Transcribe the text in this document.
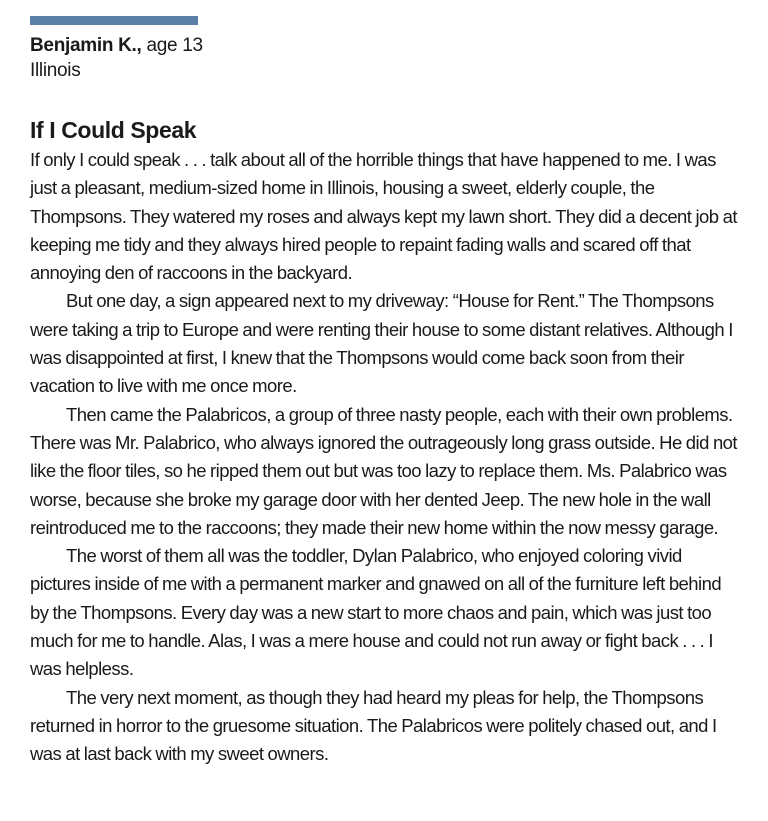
Benjamin K., age 13
Illinois
If I Could Speak

If only I could speak . . . talk about all of the horrible things that have happened to me. I was just a pleasant, medium-sized home in Illinois, housing a sweet, elderly couple, the Thompsons. They watered my roses and always kept my lawn short. They did a decent job at keeping me tidy and they always hired people to repaint fading walls and scared off that annoying den of raccoons in the backyard.

But one day, a sign appeared next to my driveway: “House for Rent.” The Thompsons were taking a trip to Europe and were renting their house to some distant relatives. Although I was disappointed at first, I knew that the Thompsons would come back soon from their vacation to live with me once more.

Then came the Palabricos, a group of three nasty people, each with their own problems. There was Mr. Palabrico, who always ignored the outrageously long grass outside. He did not like the floor tiles, so he ripped them out but was too lazy to replace them. Ms. Palabrico was worse, because she broke my garage door with her dented Jeep. The new hole in the wall reintroduced me to the raccoons; they made their new home within the now messy garage.

The worst of them all was the toddler, Dylan Palabrico, who enjoyed coloring vivid pictures inside of me with a permanent marker and gnawed on all of the furniture left behind by the Thompsons. Every day was a new start to more chaos and pain, which was just too much for me to handle. Alas, I was a mere house and could not run away or fight back . . . I was helpless.

The very next moment, as though they had heard my pleas for help, the Thompsons returned in horror to the gruesome situation. The Palabricos were politely chased out, and I was at last back with my sweet owners.
